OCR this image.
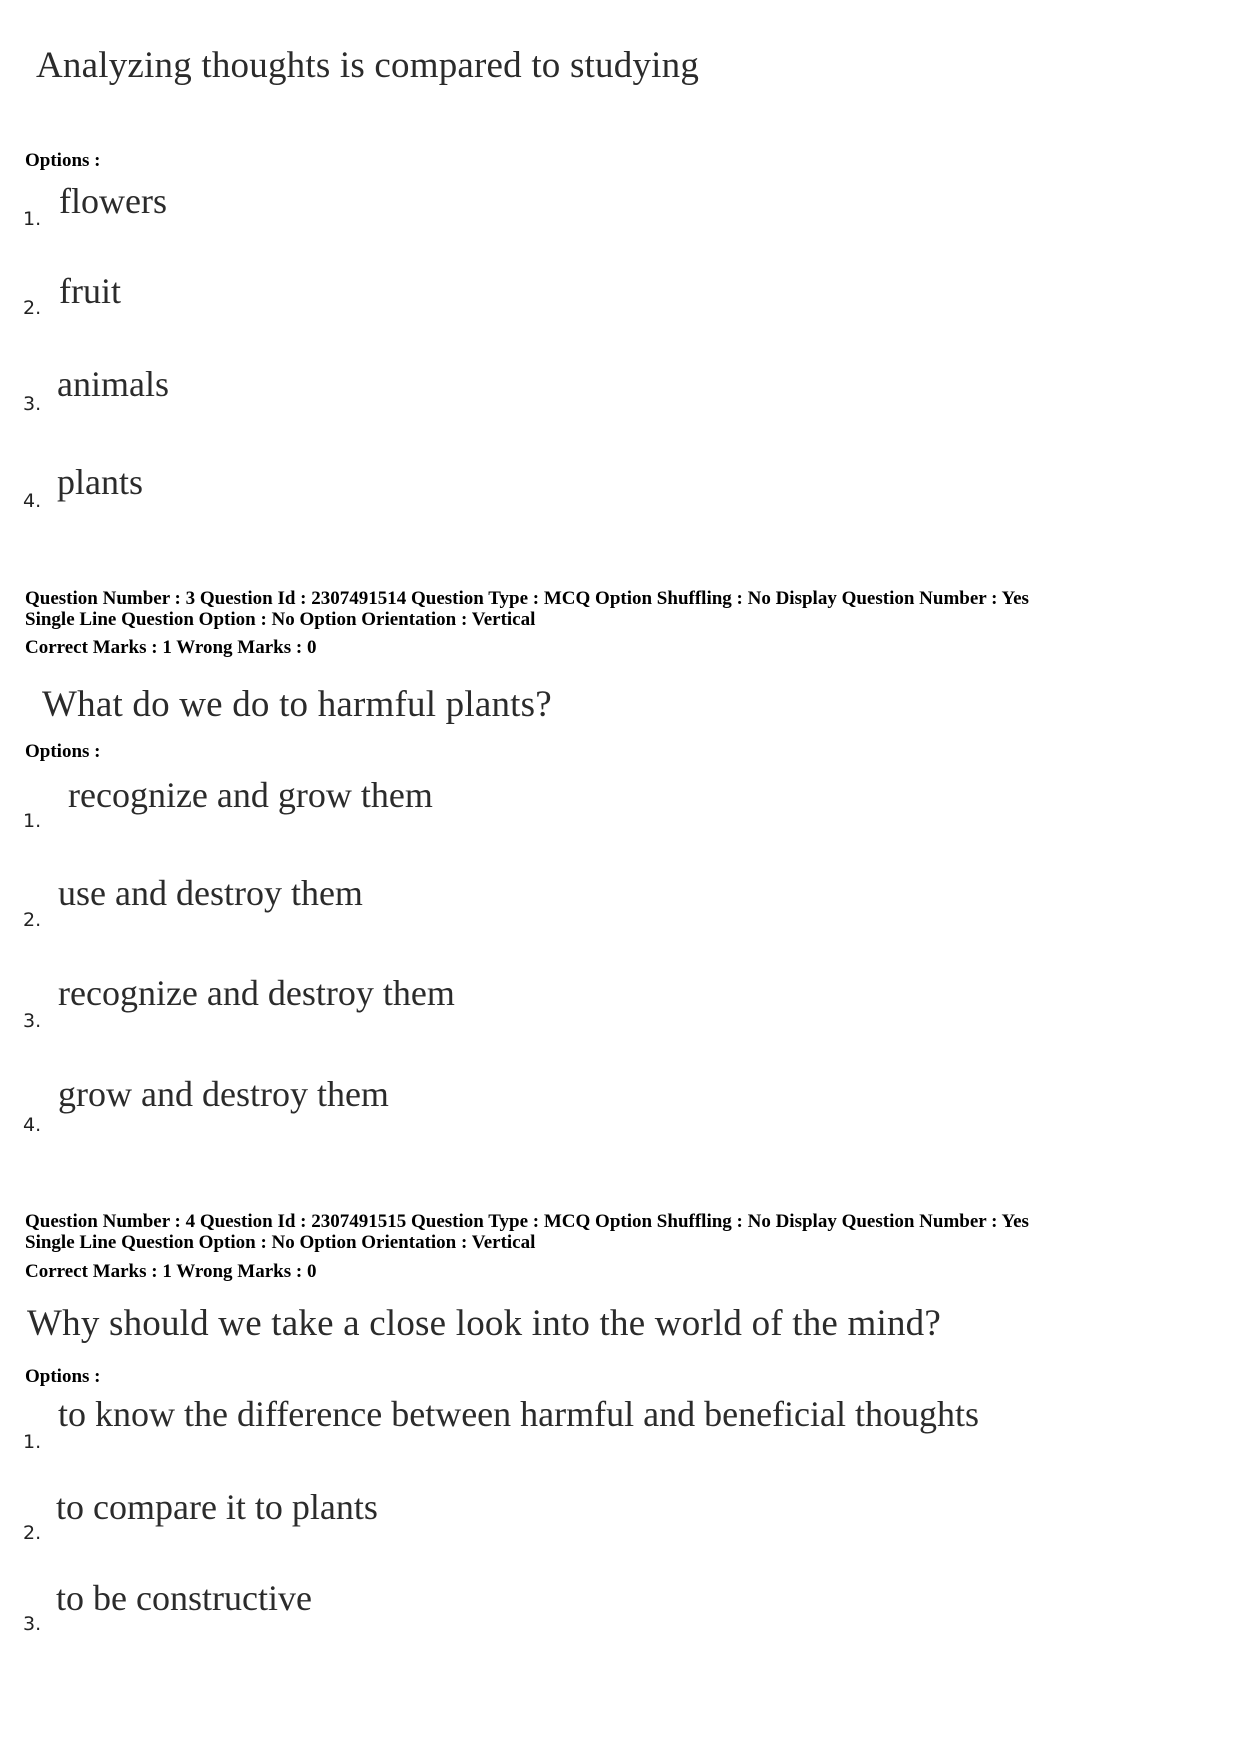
Analyzing thoughts is compared to studying
Options :
1. flowers
2. fruit
3. animals
4. plants
Question Number : 3 Question Id : 2307491514 Question Type : MCQ Option Shuffling : No Display Question Number : Yes
Single Line Question Option : No Option Orientation : Vertical
Correct Marks : 1 Wrong Marks : 0
What do we do to harmful plants?
Options :
1.
recognize and grow them
2.
use and destroy them
3.
recognize and destroy them
4.
grow and destroy them
Question Number : 4 Question Id : 2307491515 Question Type : MCQ Option Shuffling : No Display Question Number : Yes
Single Line Question Option : No Option Orientation : Vertical
Correct Marks : 1 Wrong Marks : 0
Why should we take a close look into the world of the mind?
Options :
1.
to know the difference between harmful and beneficial thoughts
2.
to compare it to plants
3.
to be constructive
